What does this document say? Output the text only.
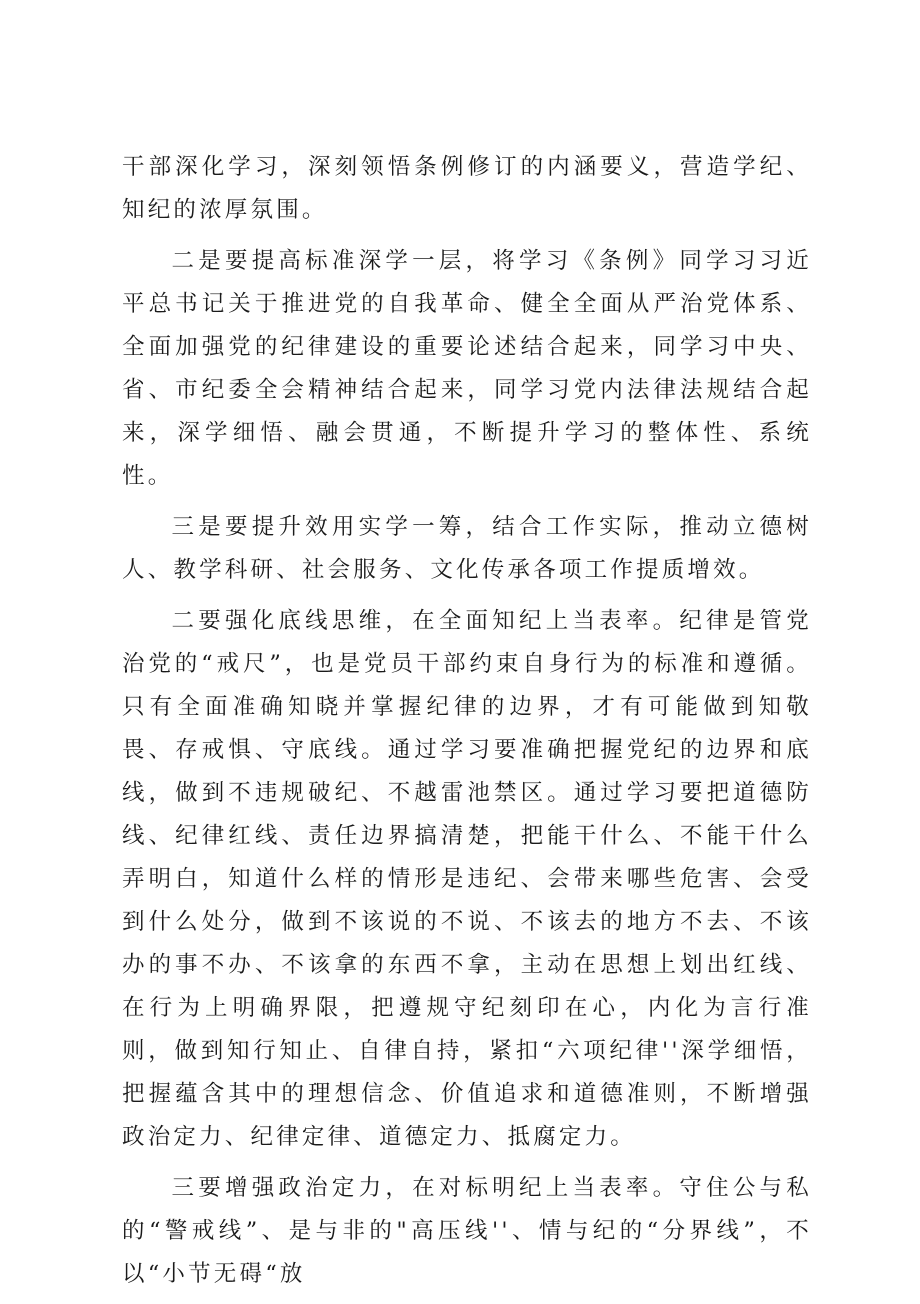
干部深化学习，深刻领悟条例修订的内涵要义，营造学纪、知纪的浓厚氛围。

二是要提高标准深学一层，将学习《条例》同学习习近平总书记关于推进党的自我革命、健全全面从严治党体系、全面加强党的纪律建设的重要论述结合起来，同学习中央、省、市纪委全会精神结合起来，同学习党内法律法规结合起来，深学细悟、融会贯通，不断提升学习的整体性、系统性。

三是要提升效用实学一筹，结合工作实际，推动立德树人、教学科研、社会服务、文化传承各项工作提质增效。

二要强化底线思维，在全面知纪上当表率。纪律是管党治党的“戒尺”，也是党员干部约束自身行为的标准和遵循。只有全面准确知晓并掌握纪律的边界，才有可能做到知敬畏、存戒惧、守底线。通过学习要准确把握党纪的边界和底线，做到不违规破纪、不越雷池禁区。通过学习要把道德防线、纪律红线、责任边界搞清楚，把能干什么、不能干什么弄明白，知道什么样的情形是违纪、会带来哪些危害、会受到什么处分，做到不该说的不说、不该去的地方不去、不该办的事不办、不该拿的东西不拿，主动在思想上划出红线、在行为上明确界限，把遵规守纪刻印在心，内化为言行准则，做到知行知止、自律自持，紧扣“六项纪律''深学细悟，把握蕴含其中的理想信念、价值追求和道德准则，不断增强政治定力、纪律定律、道德定力、抵腐定力。

三要增强政治定力，在对标明纪上当表率。守住公与私的“警戒线”、是与非的"高压线''、情与纪的“分界线”，不以“小节无碍“放
